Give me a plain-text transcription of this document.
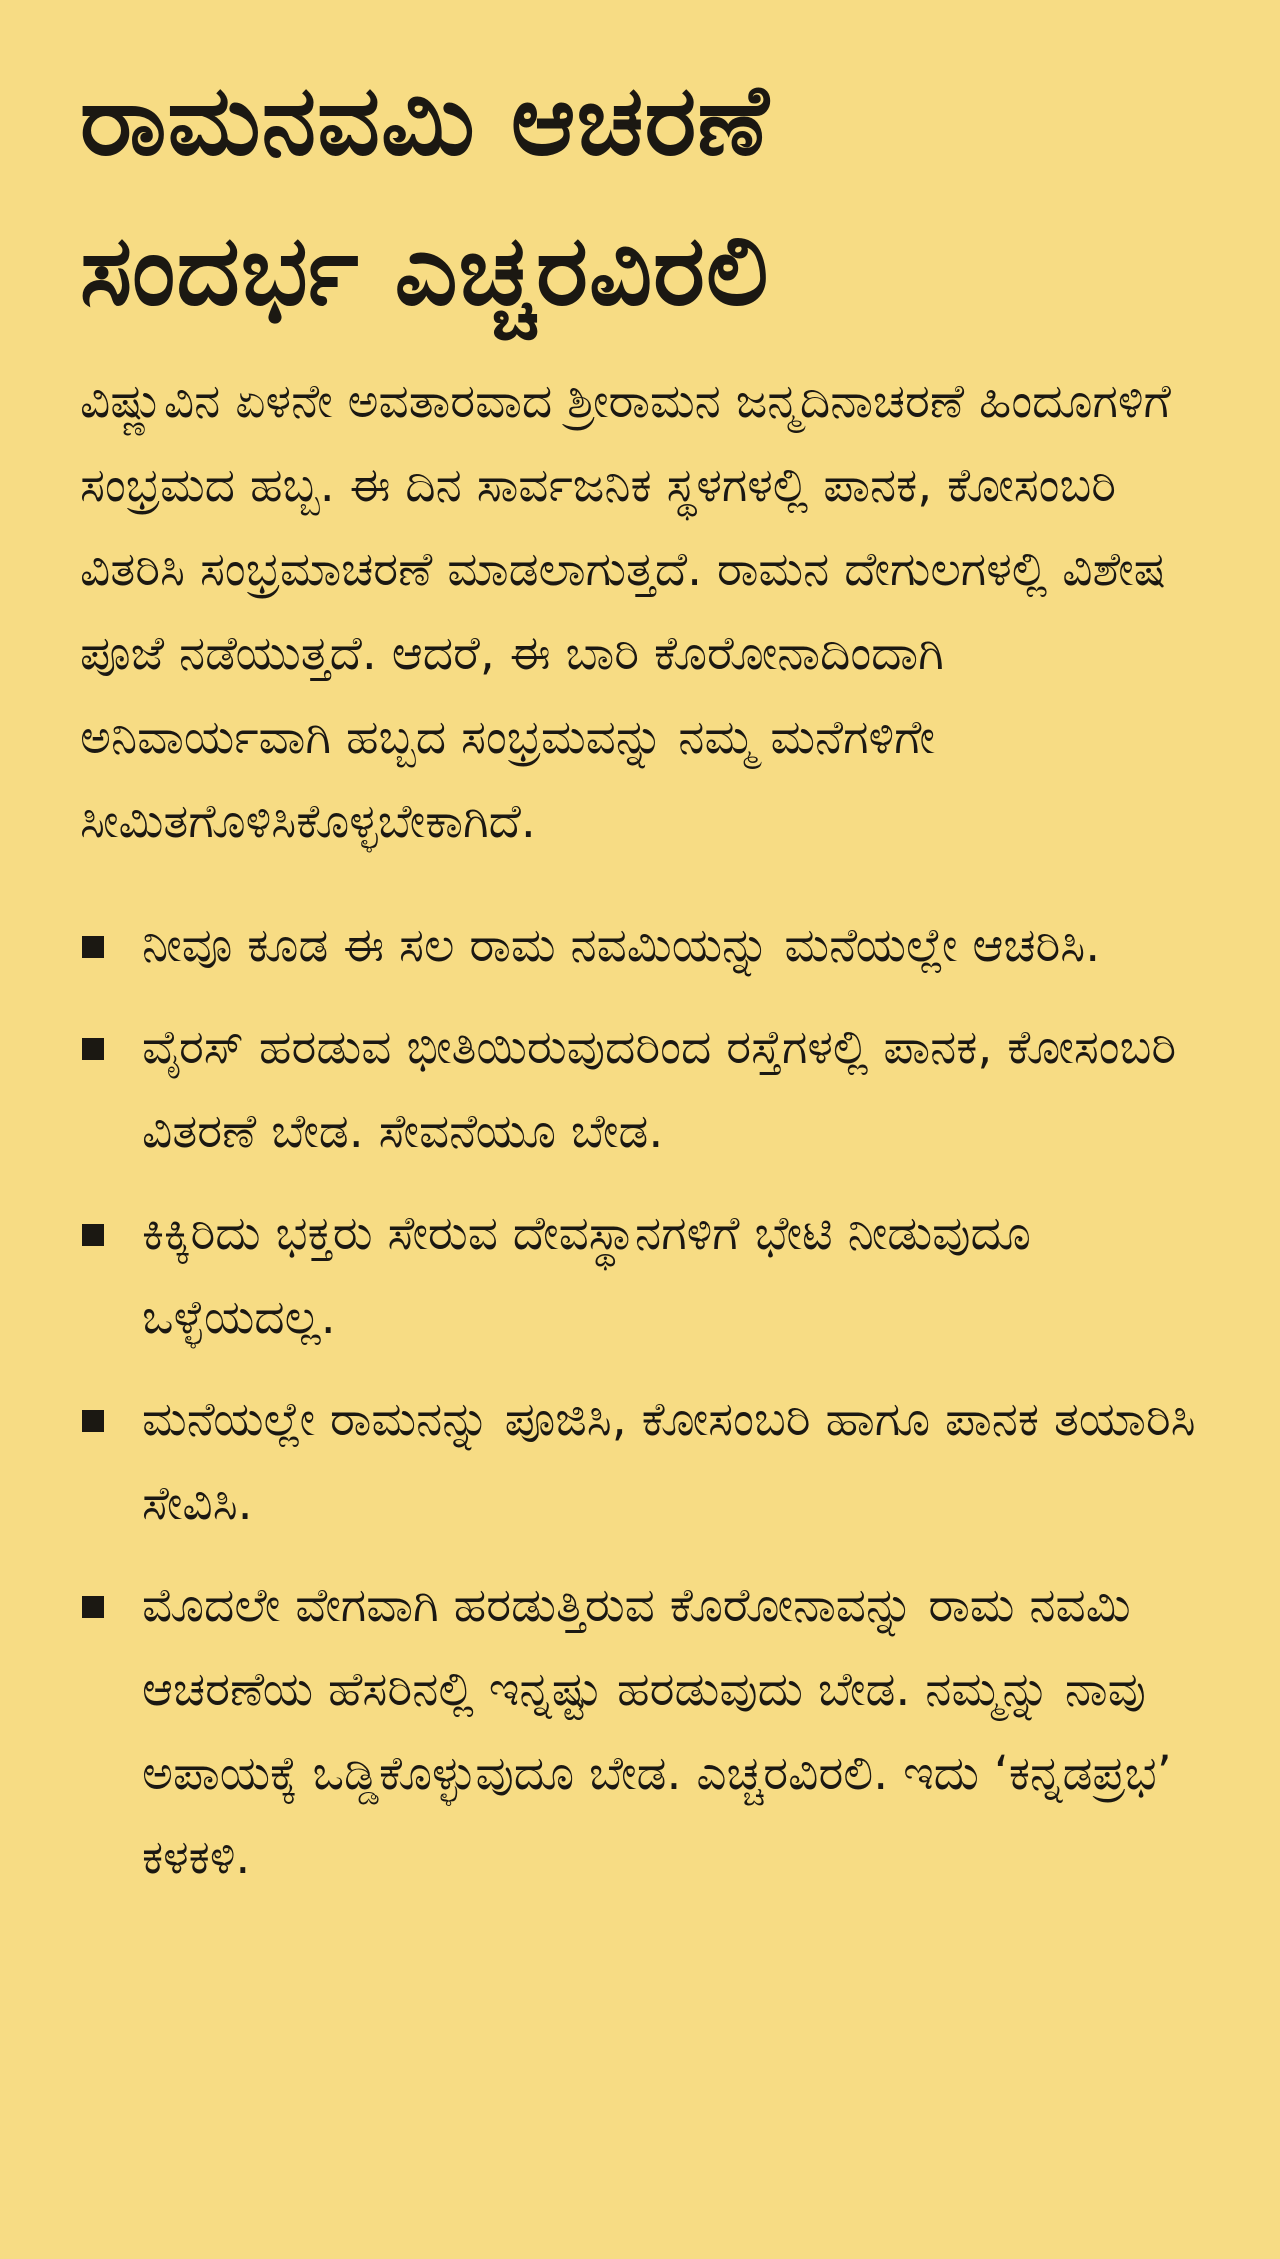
ರಾಮನವಮಿ ಆಚರಣೆ
ಸಂದರ್ಭ ಎಚ್ಚರವಿರಲಿ

ವಿಷ್ಣುವಿನ ಏಳನೇ ಅವತಾರವಾದ ಶ್ರೀರಾಮನ ಜನ್ಮದಿನಾಚರಣೆ ಹಿಂದೂಗಳಿಗೆ ಸಂಭ್ರಮದ ಹಬ್ಬ. ಈ ದಿನ ಸಾರ್ವಜನಿಕ ಸ್ಥಳಗಳಲ್ಲಿ ಪಾನಕ, ಕೋಸಂಬರಿ ವಿತರಿಸಿ ಸಂಭ್ರಮಾಚರಣೆ ಮಾಡಲಾಗುತ್ತದೆ. ರಾಮನ ದೇಗುಲಗಳಲ್ಲಿ ವಿಶೇಷ ಪೂಜೆ ನಡೆಯುತ್ತದೆ. ಆದರೆ, ಈ ಬಾರಿ ಕೊರೋನಾದಿಂದಾಗಿ ಅನಿವಾರ್ಯವಾಗಿ ಹಬ್ಬದ ಸಂಭ್ರಮವನ್ನು ನಮ್ಮ ಮನೆಗಳಿಗೇ ಸೀಮಿತಗೊಳಿಸಿಕೊಳ್ಳಬೇಕಾಗಿದೆ.

ನೀವೂ ಕೂಡ ಈ ಸಲ ರಾಮ ನವಮಿಯನ್ನು ಮನೆಯಲ್ಲೇ ಆಚರಿಸಿ.
ವೈರಸ್ ಹರಡುವ ಭೀತಿಯಿರುವುದರಿಂದ ರಸ್ತೆಗಳಲ್ಲಿ ಪಾನಕ, ಕೋಸಂಬರಿ ವಿತರಣೆ ಬೇಡ. ಸೇವನೆಯೂ ಬೇಡ.
ಕಿಕ್ಕಿರಿದು ಭಕ್ತರು ಸೇರುವ ದೇವಸ್ಥಾನಗಳಿಗೆ ಭೇಟಿ ನೀಡುವುದೂ ಒಳ್ಳೆಯದಲ್ಲ.
ಮನೆಯಲ್ಲೇ ರಾಮನನ್ನು ಪೂಜಿಸಿ, ಕೋಸಂಬರಿ ಹಾಗೂ ಪಾನಕ ತಯಾರಿಸಿ ಸೇವಿಸಿ.
ಮೊದಲೇ ವೇಗವಾಗಿ ಹರಡುತ್ತಿರುವ ಕೊರೋನಾವನ್ನು ರಾಮ ನವಮಿ ಆಚರಣೆಯ ಹೆಸರಿನಲ್ಲಿ ಇನ್ನಷ್ಟು ಹರಡುವುದು ಬೇಡ. ನಮ್ಮನ್ನು ನಾವು ಅಪಾಯಕ್ಕೆ ಒಡ್ಡಿಕೊಳ್ಳುವುದೂ ಬೇಡ. ಎಚ್ಚರವಿರಲಿ. ಇದು ‘ಕನ್ನಡಪ್ರಭ’ ಕಳಕಳಿ.
